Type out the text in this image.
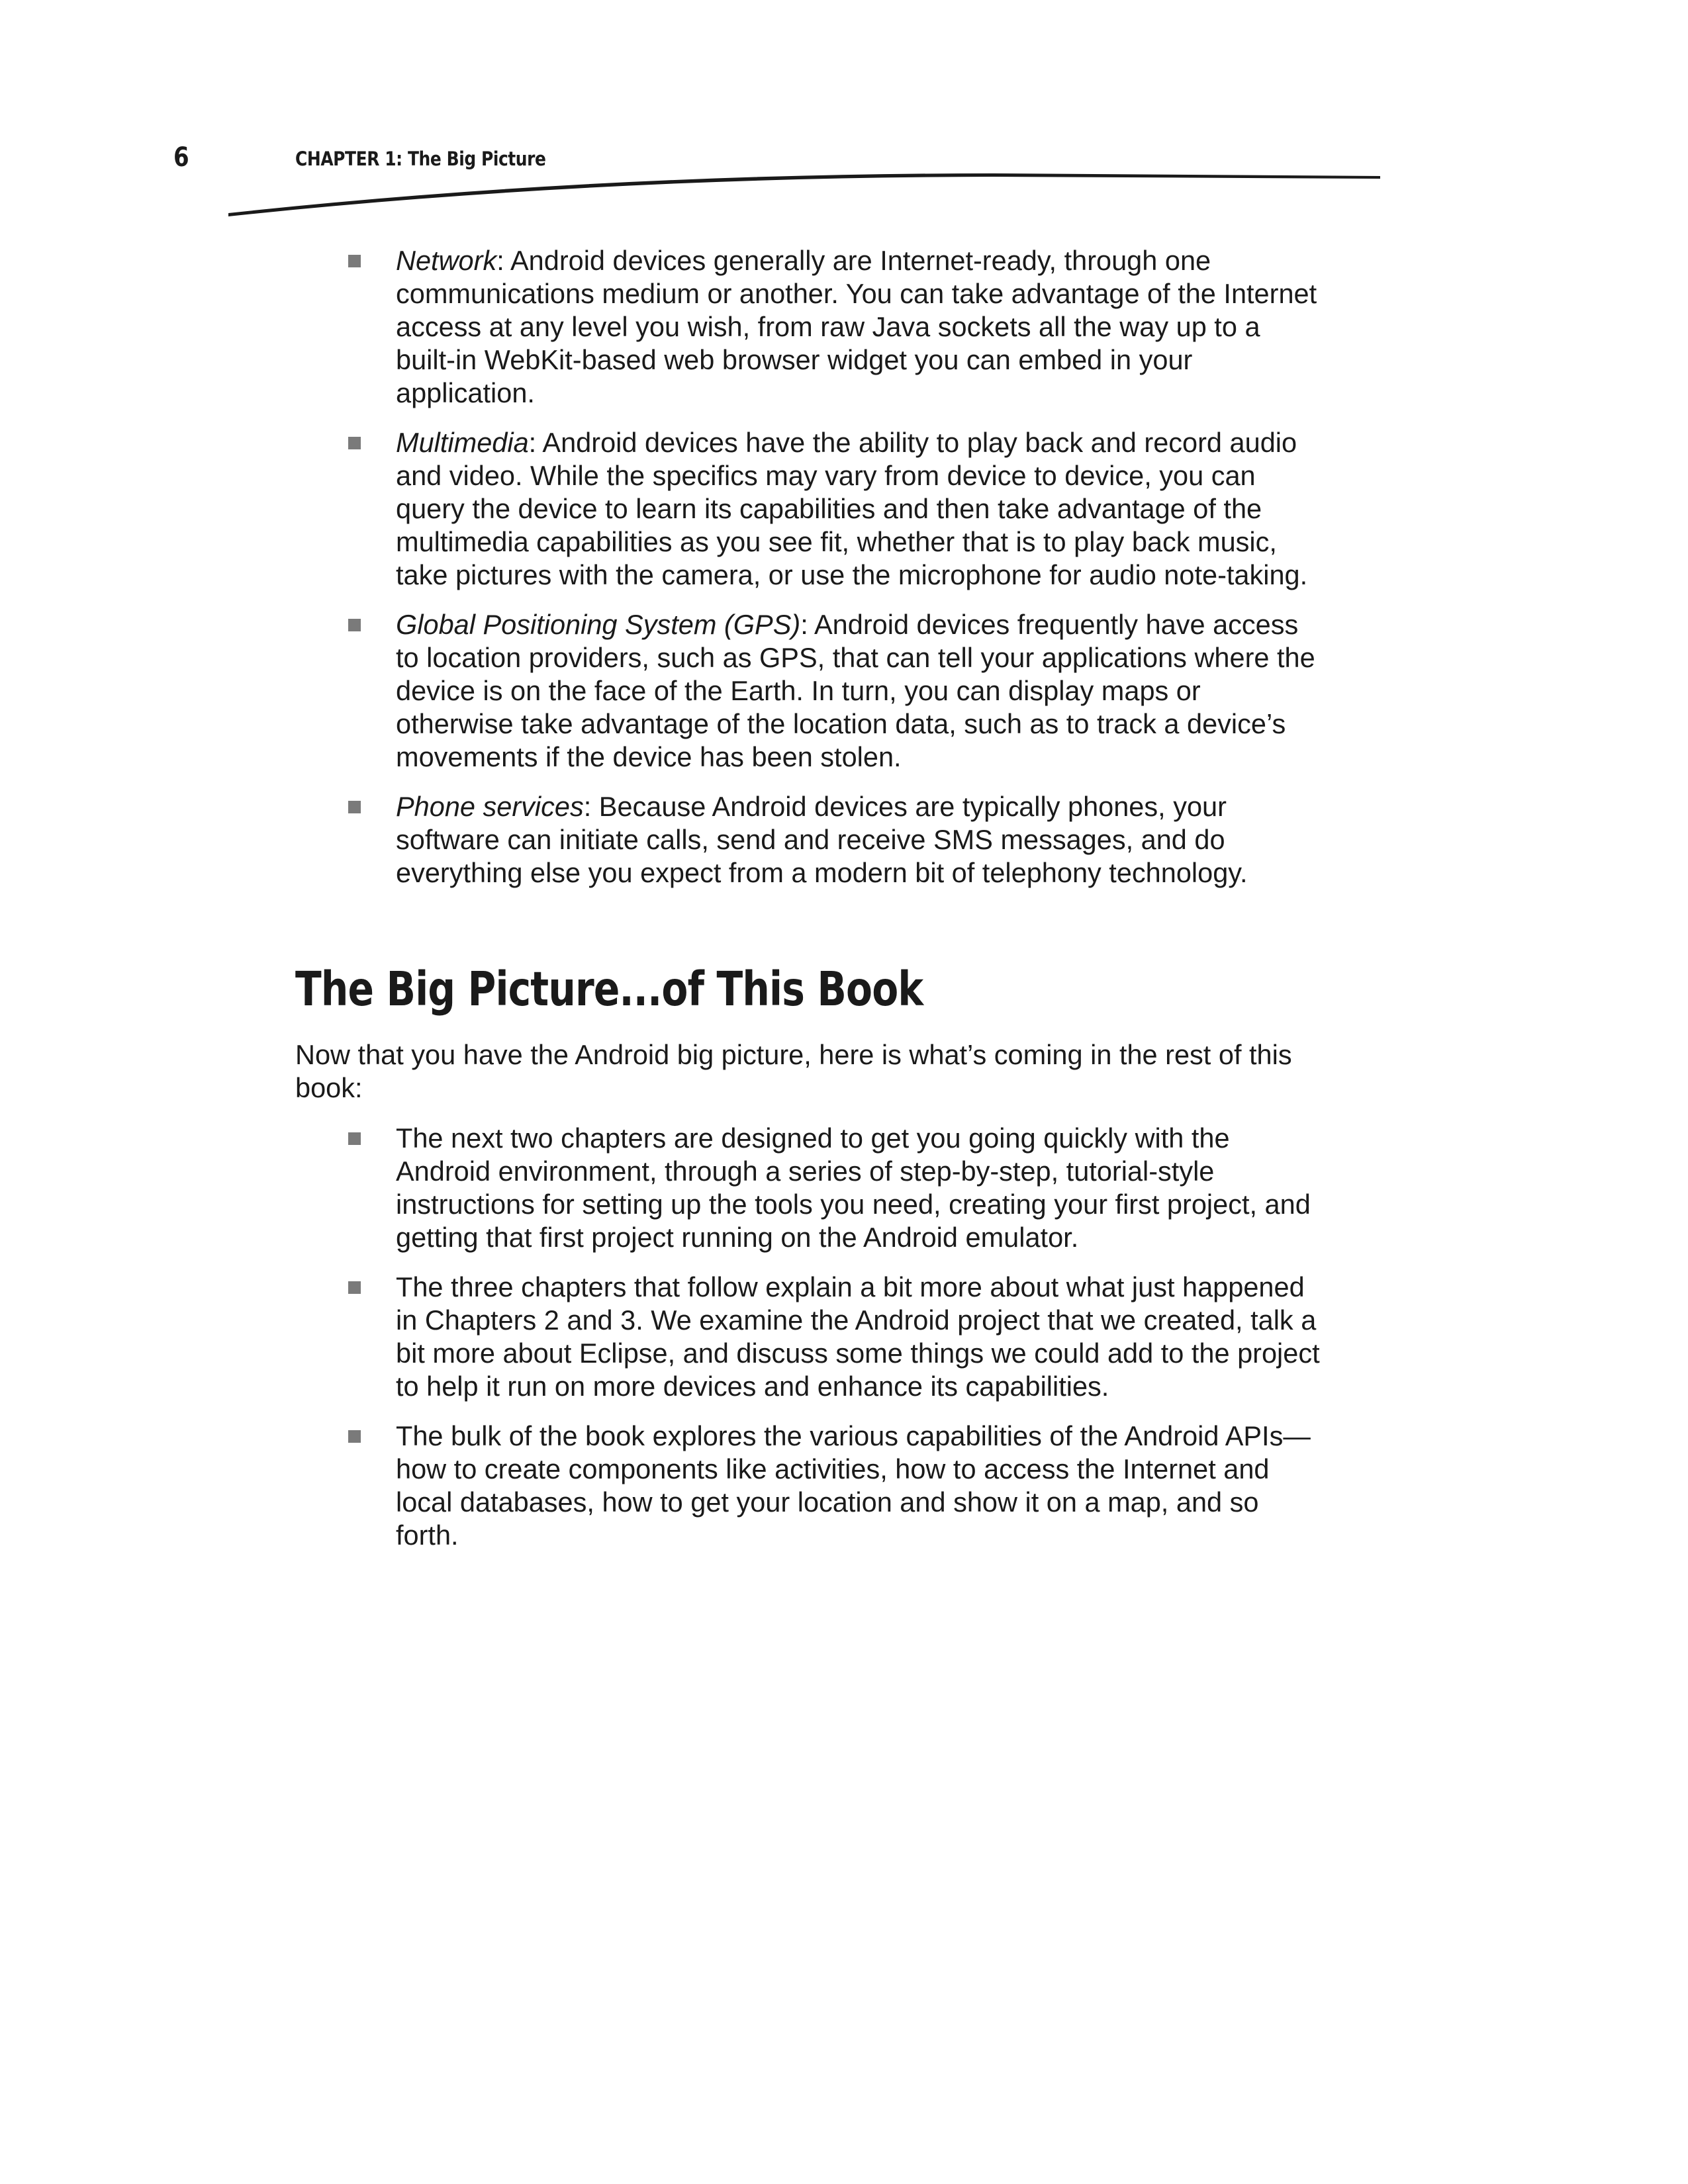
6	CHAPTER 1: The Big Picture
Network: Android devices generally are Internet-ready, through one communications medium or another. You can take advantage of the Internet access at any level you wish, from raw Java sockets all the way up to a built-in WebKit-based web browser widget you can embed in your application.
Multimedia: Android devices have the ability to play back and record audio and video. While the specifics may vary from device to device, you can query the device to learn its capabilities and then take advantage of the multimedia capabilities as you see fit, whether that is to play back music, take pictures with the camera, or use the microphone for audio note-taking.
Global Positioning System (GPS): Android devices frequently have access to location providers, such as GPS, that can tell your applications where the device is on the face of the Earth. In turn, you can display maps or otherwise take advantage of the location data, such as to track a device’s movements if the device has been stolen.
Phone services: Because Android devices are typically phones, your software can initiate calls, send and receive SMS messages, and do everything else you expect from a modern bit of telephony technology.
The Big Picture...of This Book

Now that you have the Android big picture, here is what’s coming in the rest of this book:

The next two chapters are designed to get you going quickly with the Android environment, through a series of step-by-step, tutorial-style instructions for setting up the tools you need, creating your first project, and getting that first project running on the Android emulator.
The three chapters that follow explain a bit more about what just happened in Chapters 2 and 3. We examine the Android project that we created, talk a bit more about Eclipse, and discuss some things we could add to the project to help it run on more devices and enhance its capabilities.
The bulk of the book explores the various capabilities of the Android APIs—how to create components like activities, how to access the Internet and local databases, how to get your location and show it on a map, and so forth.
